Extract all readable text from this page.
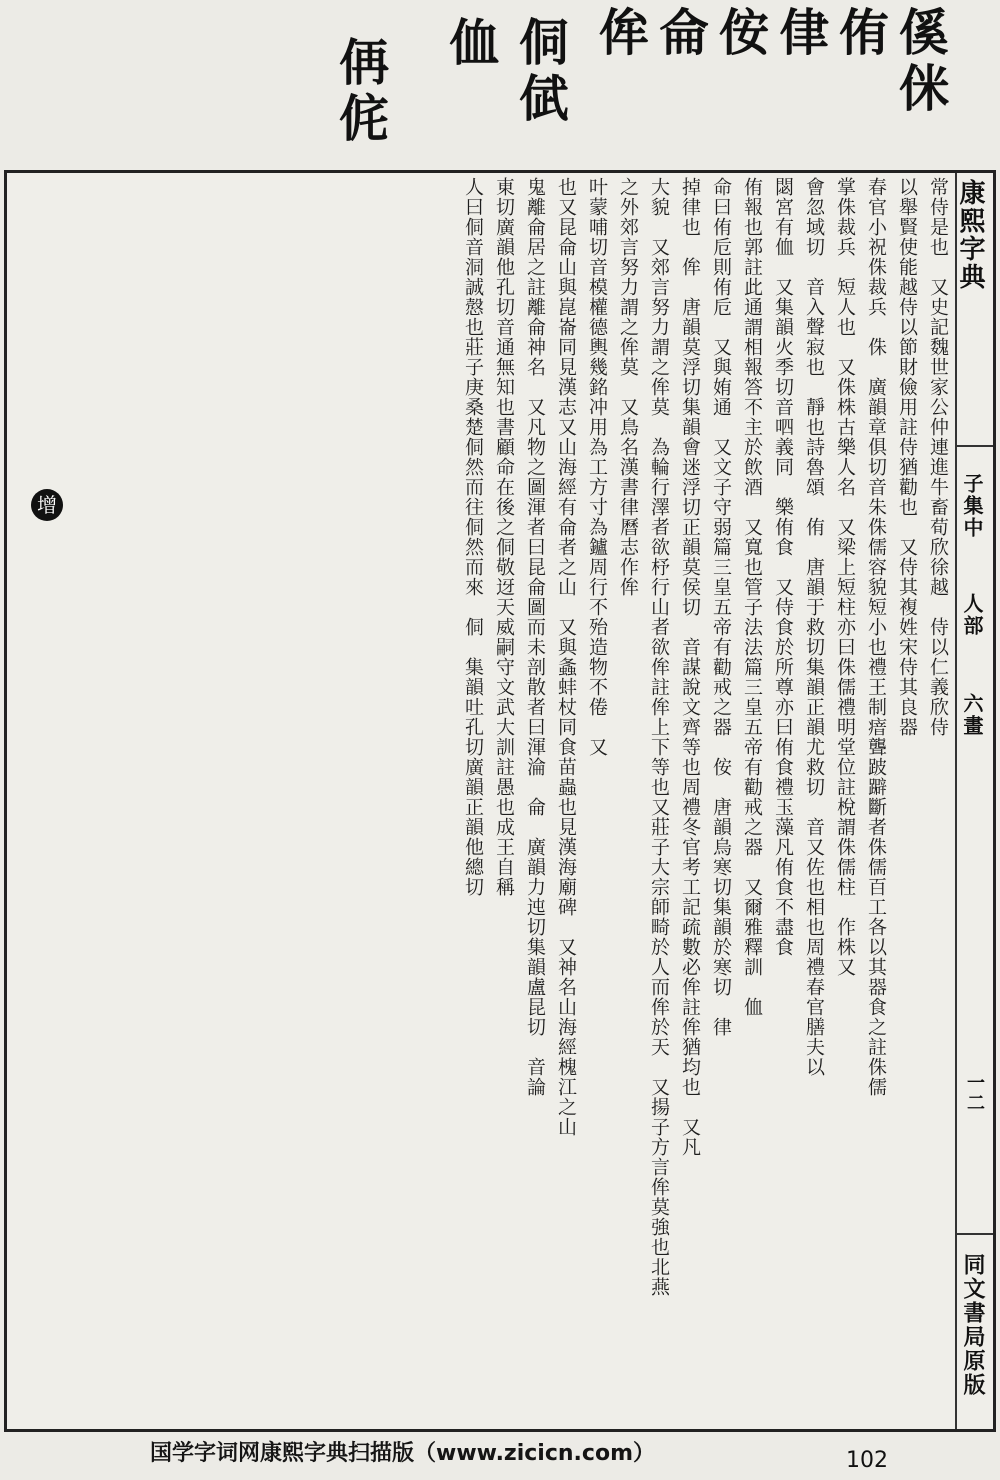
傒
侎
侑
侓
侒
侖
侔
侗
倵
侐
侢
侂
康熙字典
子集中
人部
六畫
一二
同文書局原版
常侍是也　又史記魏世家公仲連進牛畜荀欣徐越　侍以仁義欣侍
以舉賢使能越侍以節財儉用註侍猶勸也　又侍其複姓宋侍其良器
春官小祝侏裁兵　侏　廣韻章俱切音朱侏儒容貌短小也禮王制瘖聾跛躃斷者侏儒百工各以其器食之註侏儒
掌侏裁兵　短人也　又侏株古樂人名　又梁上短柱亦曰侏儒禮明堂位註梲謂侏儒柱　作株又
會忽域切　音入聲寂也　靜也詩魯頌　侑　唐韻于救切集韻正韻尤救切　音又佐也相也周禮春官膳夫以
閟宮有侐　又集韻火季切音呬義同　樂侑食　又侍食於所尊亦曰侑食禮玉藻凡侑食不盡食
侑報也郭註此通謂相報答不主於飲酒　又寬也管子法法篇三皇五帝有勸戒之器　又爾雅釋訓　侐
命曰侑卮則侑卮　又與姷通　又文子守弱篇三皇五帝有勸戒之器　侒　唐韻烏寒切集韻於寒切　律
掉律也　侔　唐韻莫浮切集韻會迷浮切正韻莫侯切　音謀說文齊等也周禮冬官考工記疏數必侔註侔猶均也　又凡
大貌　又郊言努力謂之侔莫　為輪行澤者欲杼行山者欲侔註侔上下等也又莊子大宗師畸於人而侔於天　又揚子方言侔莫強也北燕
之外郊言努力謂之侔莫　又鳥名漢書律曆志作侔
叶蒙哺切音模權德輿幾銘冲用為工方寸為鑪周行不殆造物不倦　又
也又昆侖山與崑崙同見漢志又山海經有侖者之山　又與螽蚌杖同食苗蟲也見漢海廟碑　又神名山海經槐江之山
鬼離侖居之註離侖神名　又凡物之圖渾者曰昆侖圖而未剖散者曰渾淪　侖　廣韻力迍切集韻盧昆切　音論
東切廣韻他孔切音通無知也書顧命在後之侗敬迓天威嗣守文武大訓註愚也成王自稱
人曰侗音洞誠慤也莊子庚桑楚侗然而往侗然而來　侗　集韻吐孔切廣韻正韻他總切
增
国学字词网康熙字典扫描版（www.zicicn.com）	102
